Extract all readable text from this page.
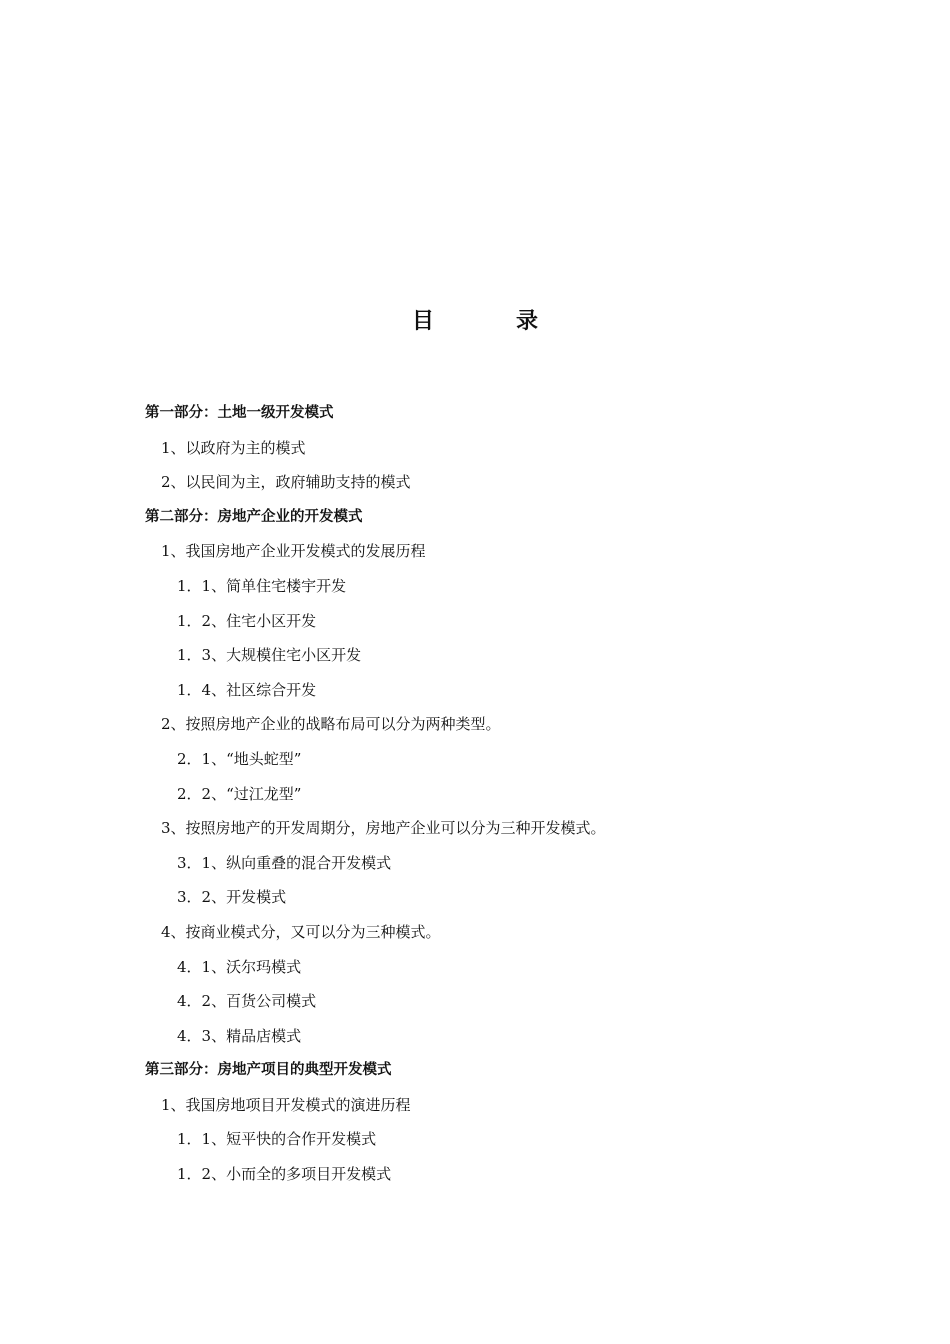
目　录
第一部分：土地一级开发模式
1、以政府为主的模式
2、以民间为主，政府辅助支持的模式
第二部分：房地产企业的开发模式
1、我国房地产企业开发模式的发展历程
1．1、简单住宅楼宇开发
1．2、住宅小区开发
1．3、大规模住宅小区开发
1．4、社区综合开发
2、按照房地产企业的战略布局可以分为两种类型。
2．1、“地头蛇型”
2．2、“过江龙型”
3、按照房地产的开发周期分，房地产企业可以分为三种开发模式。
3．1、纵向重叠的混合开发模式
3．2、开发模式
4、按商业模式分，又可以分为三种模式。
4．1、沃尔玛模式
4．2、百货公司模式
4．3、精品店模式
第三部分：房地产项目的典型开发模式
1、我国房地项目开发模式的演进历程
1．1、短平快的合作开发模式
1．2、小而全的多项目开发模式
